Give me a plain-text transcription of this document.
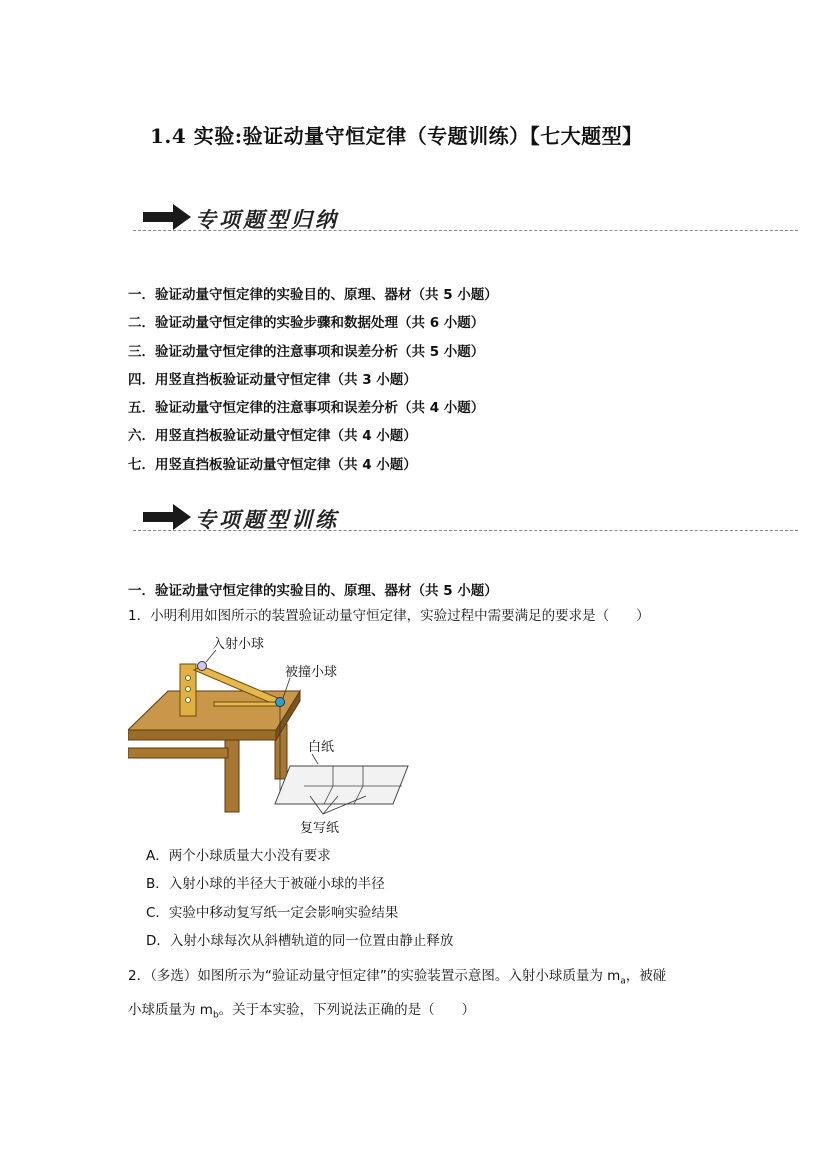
1.4 实验:验证动量守恒定律（专题训练）【七大题型】
专项题型归纳
一．验证动量守恒定律的实验目的、原理、器材（共 5 小题）
二．验证动量守恒定律的实验步骤和数据处理（共 6 小题）
三．验证动量守恒定律的注意事项和误差分析（共 5 小题）
四．用竖直挡板验证动量守恒定律（共 3 小题）
五．验证动量守恒定律的注意事项和误差分析（共 4 小题）
六．用竖直挡板验证动量守恒定律（共 4 小题）
七．用竖直挡板验证动量守恒定律（共 4 小题）
专项题型训练
一．验证动量守恒定律的实验目的、原理、器材（共 5 小题）
1．小明利用如图所示的装置验证动量守恒定律，实验过程中需要满足的要求是（　　）
入射小球
被撞小球
白纸
复写纸
A．两个小球质量大小没有要求
B．入射小球的半径大于被碰小球的半径
C．实验中移动复写纸一定会影响实验结果
D．入射小球每次从斜槽轨道的同一位置由静止释放
2．（多选）如图所示为“验证动量守恒定律”的实验装置示意图。入射小球质量为 $m_a$，被碰
小球质量为 $m_b$。关于本实验，下列说法正确的是（　　）
